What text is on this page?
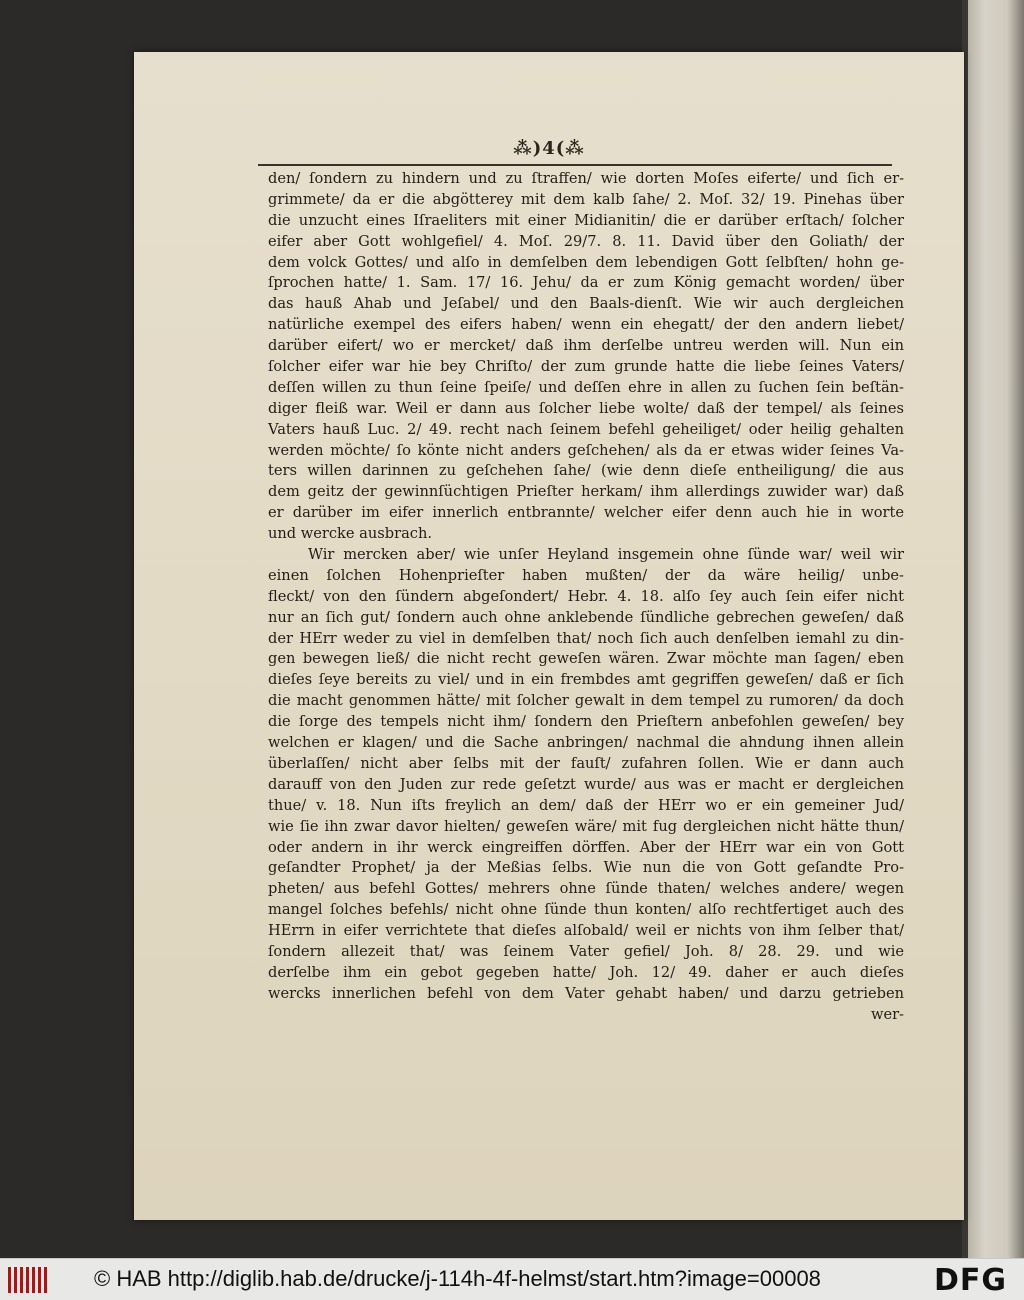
⁂)4(⁂
den/ ſondern zu hindern und zu ſtraffen/ wie dorten Moſes eiferte/ und ſich er-
grimmete/ da er die abgötterey mit dem kalb ſahe/ 2. Moſ. 32/ 19. Pinehas über
die unzucht eines Iſraeliters mit einer Midianitin/ die er darüber erſtach/ ſolcher
eifer aber Gott wohlgefiel/ 4. Moſ. 29/7. 8. 11. David über den Goliath/ der
dem volck Gottes/ und alſo in demſelben dem lebendigen Gott ſelbſten/ hohn ge-
ſprochen hatte/ 1. Sam. 17/ 16. Jehu/ da er zum König gemacht worden/ über
das hauß Ahab und Jeſabel/ und den Baals-dienſt. Wie wir auch dergleichen
natürliche exempel des eifers haben/ wenn ein ehegatt/ der den andern liebet/
darüber eifert/ wo er mercket/ daß ihm derſelbe untreu werden will. Nun ein
ſolcher eifer war hie bey Chriſto/ der zum grunde hatte die liebe ſeines Vaters/
deſſen willen zu thun ſeine ſpeiſe/ und deſſen ehre in allen zu ſuchen ſein beſtän-
diger fleiß war. Weil er dann aus ſolcher liebe wolte/ daß der tempel/ als ſeines
Vaters hauß Luc. 2/ 49. recht nach ſeinem befehl geheiliget/ oder heilig gehalten
werden möchte/ ſo könte nicht anders geſchehen/ als da er etwas wider ſeines Va-
ters willen darinnen zu geſchehen ſahe/ (wie denn dieſe entheiligung/ die aus
dem geitz der gewinnſüchtigen Prieſter herkam/ ihm allerdings zuwider war) daß
er darüber im eifer innerlich entbrannte/ welcher eifer denn auch hie in worte
und wercke ausbrach.
Wir mercken aber/ wie unſer Heyland insgemein ohne ſünde war/ weil wir
einen ſolchen Hohenprieſter haben mußten/ der da wäre heilig/ unbe-
fleckt/ von den ſündern abgeſondert/ Hebr. 4. 18. alſo ſey auch ſein eifer nicht
nur an ſich gut/ ſondern auch ohne anklebende ſündliche gebrechen geweſen/ daß
der HErr weder zu viel in demſelben that/ noch ſich auch denſelben iemahl zu din-
gen bewegen ließ/ die nicht recht geweſen wären. Zwar möchte man ſagen/ eben
dieſes ſeye bereits zu viel/ und in ein frembdes amt gegriffen geweſen/ daß er ſich
die macht genommen hätte/ mit ſolcher gewalt in dem tempel zu rumoren/ da doch
die ſorge des tempels nicht ihm/ ſondern den Prieſtern anbefohlen geweſen/ bey
welchen er klagen/ und die Sache anbringen/ nachmal die ahndung ihnen allein
überlaſſen/ nicht aber ſelbs mit der fauſt/ zufahren ſollen. Wie er dann auch
darauff von den Juden zur rede geſetzt wurde/ aus was er macht er dergleichen
thue/ v. 18. Nun iſts freylich an dem/ daß der HErr wo er ein gemeiner Jud/
wie ſie ihn zwar davor hielten/ geweſen wäre/ mit fug dergleichen nicht hätte thun/
oder andern in ihr werck eingreiffen dörffen. Aber der HErr war ein von Gott
geſandter Prophet/ ja der Meßias ſelbs. Wie nun die von Gott geſandte Pro-
pheten/ aus befehl Gottes/ mehrers ohne ſünde thaten/ welches andere/ wegen
mangel ſolches befehls/ nicht ohne ſünde thun konten/ alſo rechtfertiget auch des
HErrn in eifer verrichtete that dieſes alſobald/ weil er nichts von ihm ſelber that/
ſondern allezeit that/ was ſeinem Vater gefiel/ Joh. 8/ 28. 29. und wie
derſelbe ihm ein gebot gegeben hatte/ Joh. 12/ 49. daher er auch dieſes
wercks innerlichen befehl von dem Vater gehabt haben/ und darzu getrieben
wer-
© HAB http://diglib.hab.de/drucke/j-114h-4f-helmst/start.htm?image=00008	DFG
